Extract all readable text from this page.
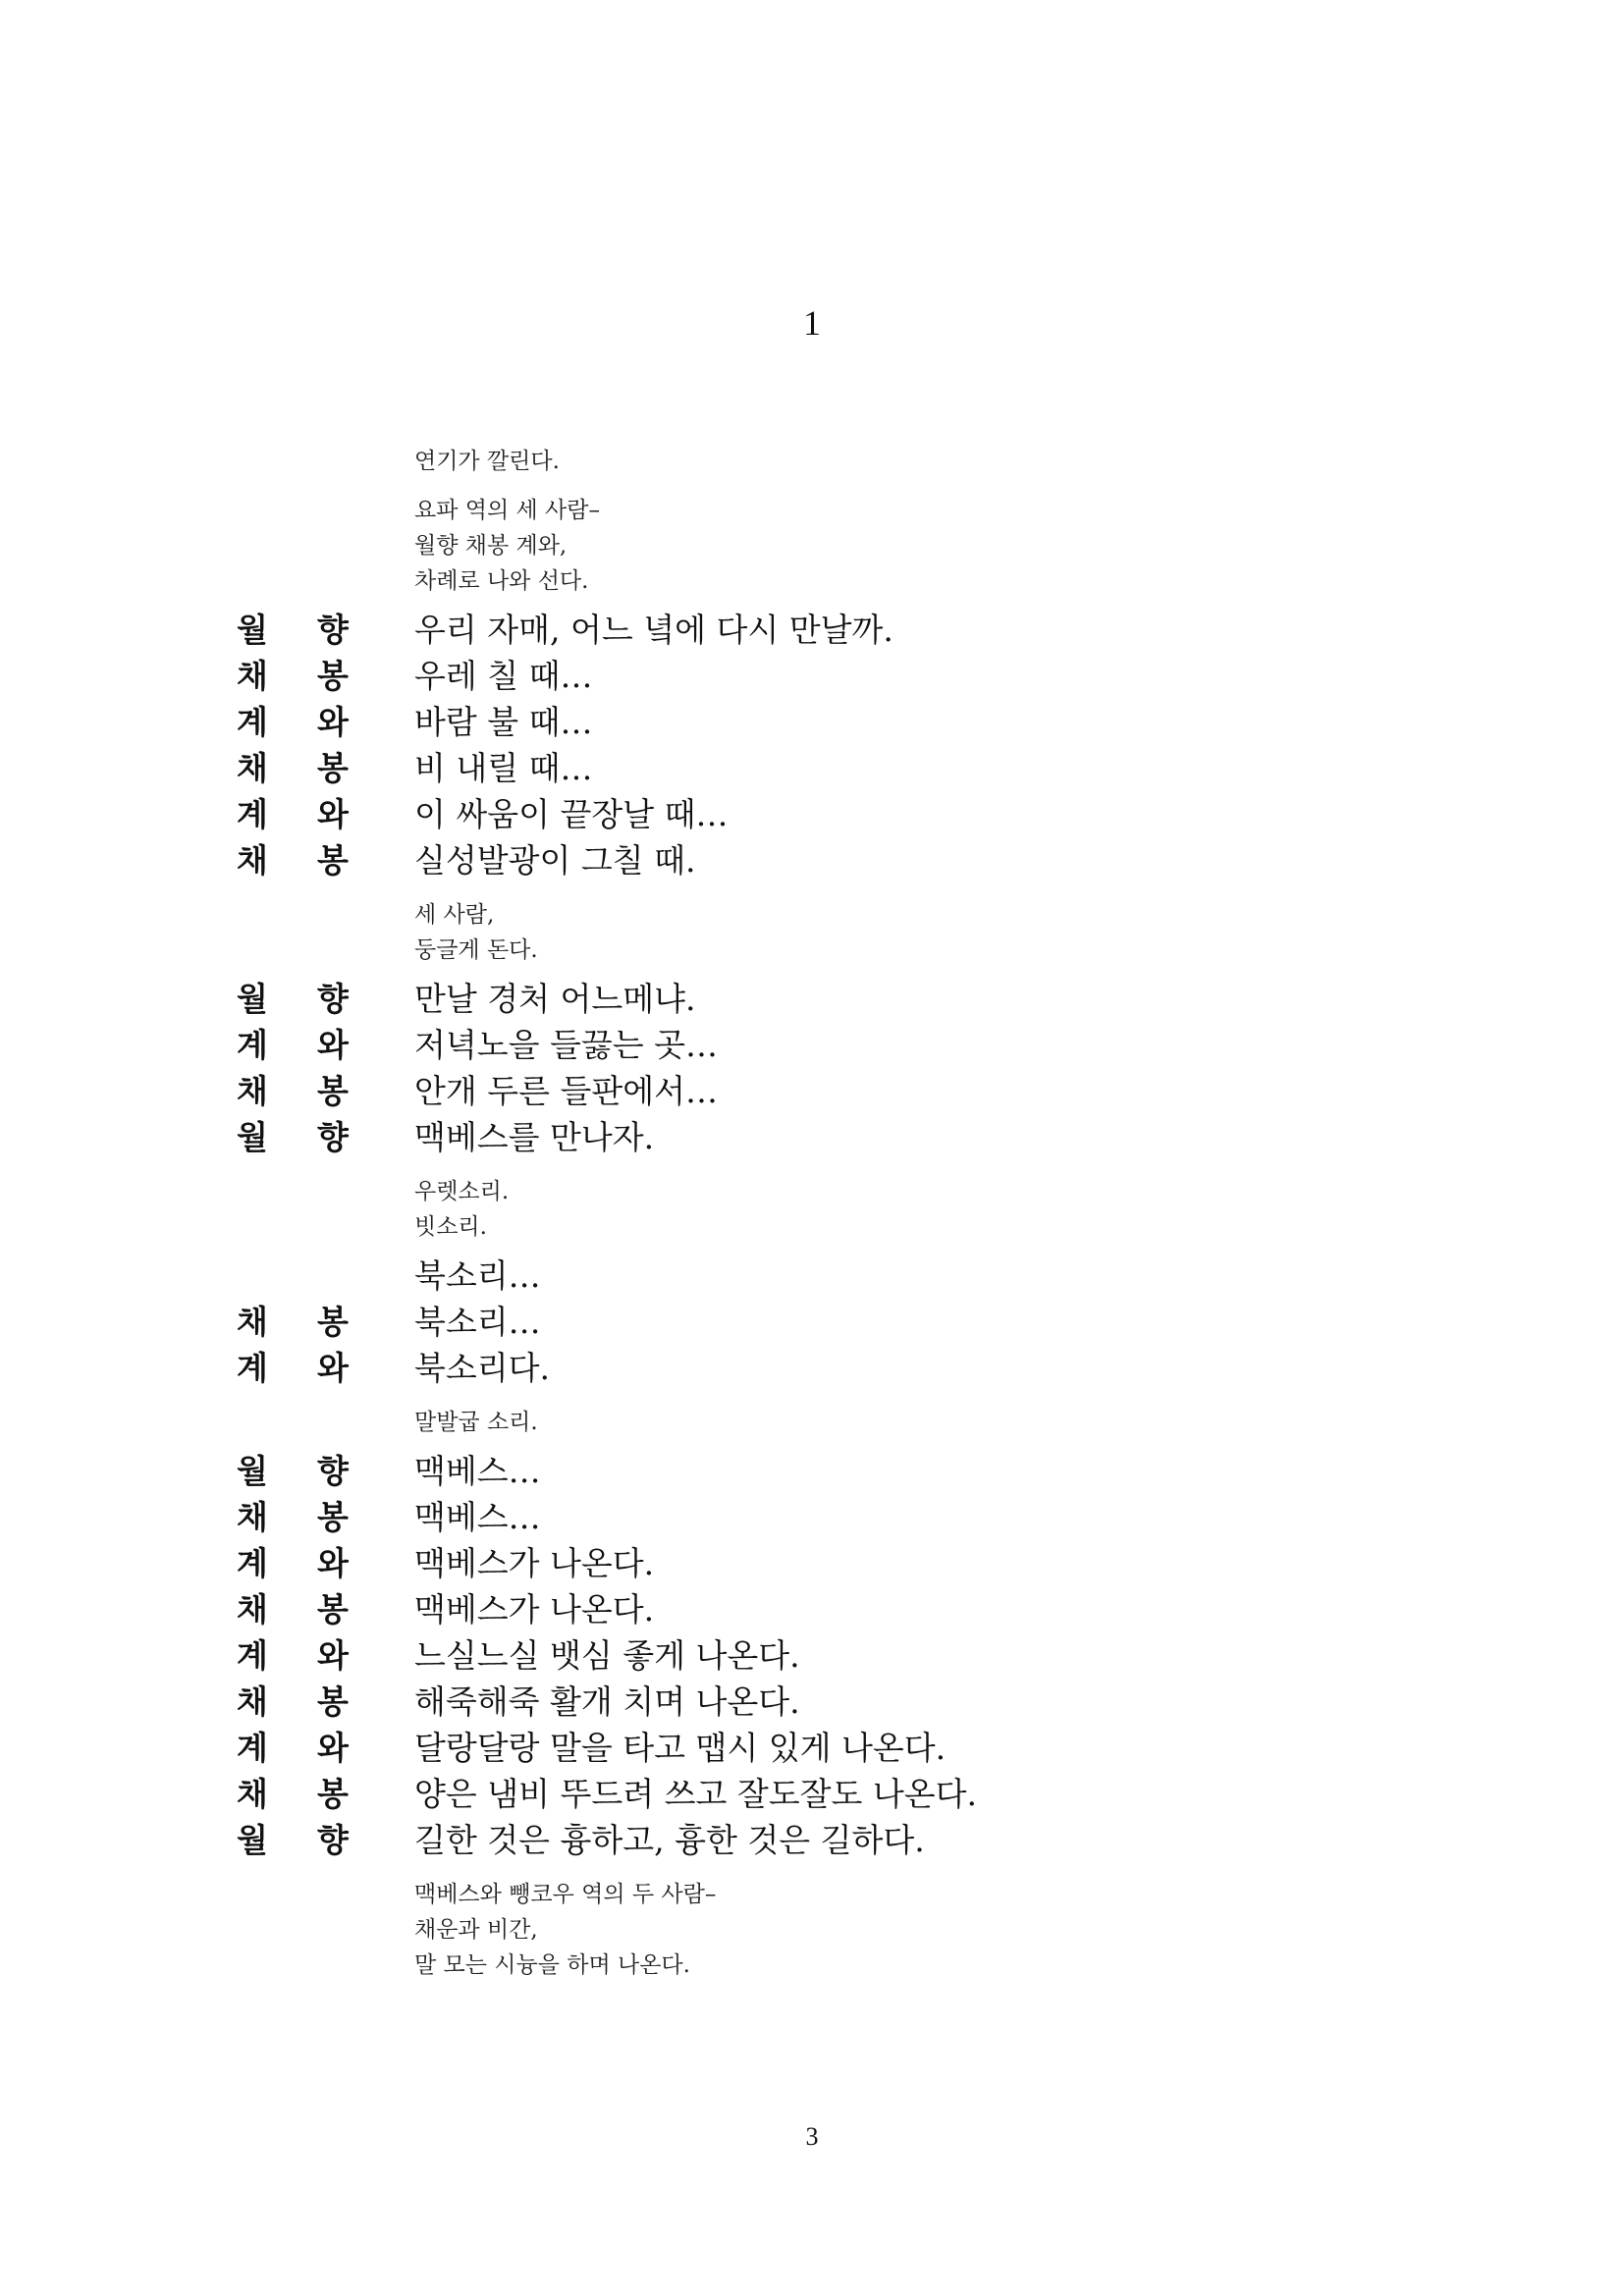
1
연기가 깔린다.
요파 역의 세 사람–
월향 채봉 계와,
차례로 나와 선다.
월 향 우리 자매, 어느 녘에 다시 만날까.
채 봉 우레 칠 때…
계 와 바람 불 때…
채 봉 비 내릴 때…
계 와 이 싸움이 끝장날 때…
채 봉 실성발광이 그칠 때.
세 사람,
둥글게 돈다.
월 향 만날 경처 어느메냐.
계 와 저녁노을 들끓는 곳…
채 봉 안개 두른 들판에서…
월 향 맥베스를 만나자.
우렛소리.
빗소리.
북소리…
채 봉 북소리…
계 와 북소리다.
말발굽 소리.
월 향 맥베스…
채 봉 맥베스…
계 와 맥베스가 나온다.
채 봉 맥베스가 나온다.
계 와 느실느실 뱃심 좋게 나온다.
채 봉 해죽해죽 활개 치며 나온다.
계 와 달랑달랑 말을 타고 맵시 있게 나온다.
채 봉 양은 냄비 뚜드려 쓰고 잘도잘도 나온다.
월 향 길한 것은 흉하고, 흉한 것은 길하다.
맥베스와 뺑코우 역의 두 사람–
채운과 비간,
말 모는 시늉을 하며 나온다.
3
